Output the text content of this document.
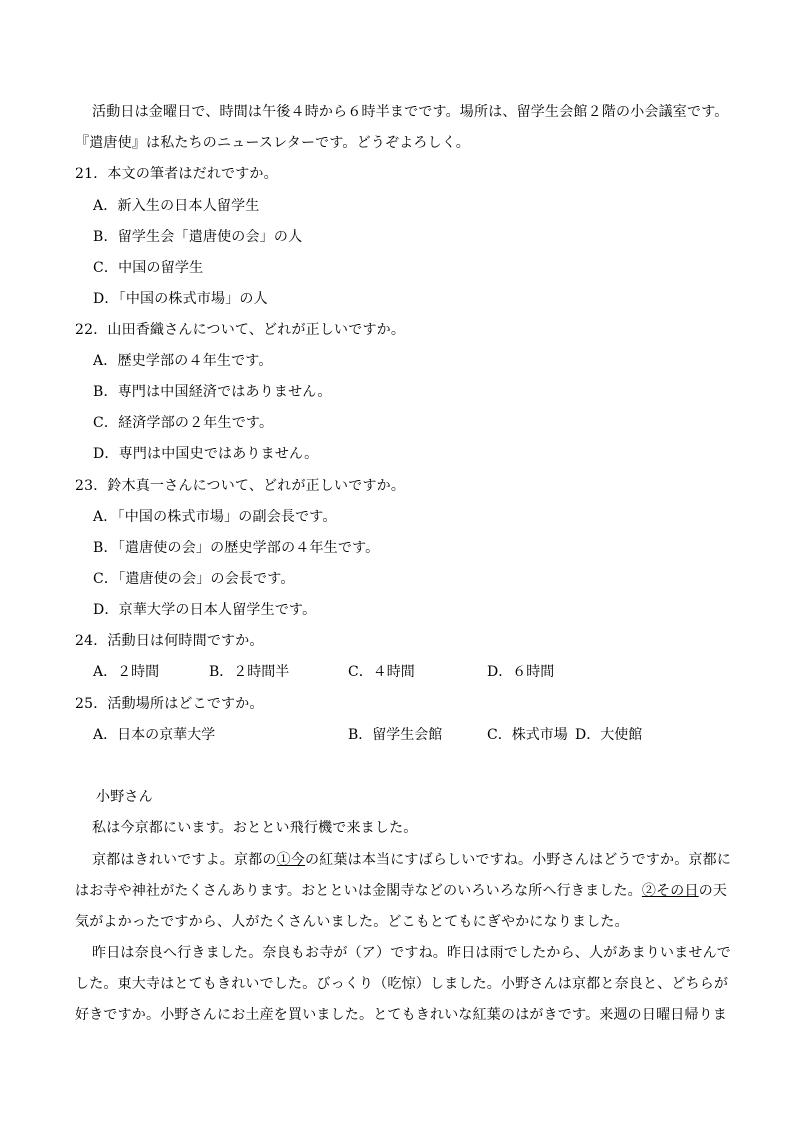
活動日は金曜日で、時間は午後４時から６時半までです。場所は、留学生会館２階の小会議室です。
『遣唐使』は私たちのニュースレターです。どうぞよろしく。
21．本文の筆者はだれですか。
A．新入生の日本人留学生
B．留学生会「遣唐使の会」の人
C．中国の留学生
D．「中国の株式市場」の人
22．山田香織さんについて、どれが正しいですか。
A．歴史学部の４年生です。
B．専門は中国経済ではありません。
C．経済学部の２年生です。
D．専門は中国史ではありません。
23．鈴木真一さんについて、どれが正しいですか。
A．「中国の株式市場」の副会長です。
B．「遣唐使の会」の歴史学部の４年生です。
C．「遣唐使の会」の会長です。
D．京華大学の日本人留学生です。
24．活動日は何時間ですか。
A．２時間	B．２時間半	C．４時間	D．６時間
25．活動場所はどこですか。
A．日本の京華大学	B．留学生会館	C．株式市場 D．大使館
小野さん
私は今京都にいます。おととい飛行機で来ました。
京都はきれいですよ。京都の①今の紅葉は本当にすばらしいですね。小野さんはどうですか。京都に
はお寺や神社がたくさんあります。おとといは金閣寺などのいろいろな所へ行きました。②その日の天
気がよかったですから、人がたくさんいました。どこもとてもにぎやかになりました。
昨日は奈良へ行きました。奈良もお寺が（ア）ですね。昨日は雨でしたから、人があまりいませんで
した。東大寺はとてもきれいでした。びっくり（吃惊）しました。小野さんは京都と奈良と、どちらが
好きですか。小野さんにお土産を買いました。とてもきれいな紅葉のはがきです。来週の日曜日帰りま
